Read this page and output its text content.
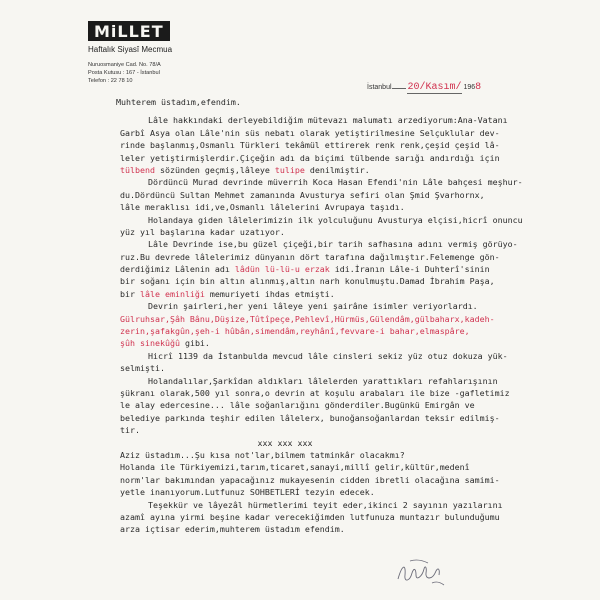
MiLLET
Haftalık Siyasî Mecmua
Nuruosmaniye Cad. No. 78/A
Posta Kutusu : 167 - İstanbul
Telefon : 22 78 10
İstanbul 20/Kasım/ 1968
Muhterem üstadım,efendim.
Lâle hakkındaki derleyebildiğim mütevazı malumatı arzediyorum:Ana-Vatanı
Garbî Asya olan Lâle'nin süs nebatı olarak yetiştirilmesine Selçuklular dev-
rinde başlanmış,Osmanlı Türkleri tekâmül ettirerek renk renk,çeşid çeşid lâ-
leler yetiştirmişlerdir.Çiçeğin adı da biçimi tülbende sarığı andırdığı için
tülbend sözünden geçmiş,lâleye tulipe denilmiştir.
Dördüncü Murad devrinde müverrih Koca Hasan Efendi'nin Lâle bahçesi meşhur-
du.Dördüncü Sultan Mehmet zamanında Avusturya sefiri olan Şmid Şvarhornx,
lâle meraklısı idi,ve,Osmanlı lâlelerini Avrupaya taşıdı.
Holandaya giden lâlelerimizin ilk yolculuğunu Avusturya elçisi,hicrî onuncu
yüz yıl başlarına kadar uzatıyor.
Lâle Devrinde ise,bu güzel çiçeği,bir tarih safhasına adını vermiş görüyo-
ruz.Bu devrede lâlelerimiz dünyanın dört tarafına dağılmıştır.Felemenge gön-
derdiğimiz Lâlenin adı lâdün lü-lü-u erzak idi.İranın Lâle-i Duhterî'sinin
bir soğanı için bin altın alınmış,altın narh konulmuştu.Damad İbrahim Paşa,
bir lâle eminliği memuriyeti ihdas etmişti.
Devrin şairleri,her yeni lâleye yeni şairâne isimler veriyorlardı.
Gülruhsar,Şâh Bânu,Düşize,Tûtîpeçe,Pehlevî,Hürmüs,Gülendâm,gülbaharx,kadeh-
zerin,şafakgûn,şeh-i hûbân,simendâm,reyhânî,fevvare-i bahar,elmaspâre,
şûh sinekûğû gibi.
Hicrî 1139 da İstanbulda mevcud lâle cinsleri sekiz yüz otuz dokuza yük-
selmişti.
Holandalılar,Şarkîdan aldıkları lâlelerden yarattıkları refahlarışının
şükranı olarak,500 yıl sonra,o devrin at koşulu arabaları ile bize -gafletimiz
le alay edercesine... lâle soğanlarığını gönderdiler.Bugünkü Emirgân ve
belediye parkında teşhir edilen lâlelerx, bunoğansoğanlardan teksir edilmiş-
tir.
xxx xxx xxx
Aziz üstadım...Şu kısa not'lar,bilmem tatminkâr olacakmı?
Holanda ile Türkiyemizi,tarım,ticaret,sanayi,millî gelir,kültür,medenî
norm'lar bakımından yapacağınız mukayesenin cidden ibretli olacağına samimi-
yetle inanıyorum.Lutfunuz SOHBETLERİ tezyin edecek.
Teşekkür ve lâyezâl hürmetlerimi teyit eder,ikinci 2 sayının yazılarını
azamî ayına yirmi beşine kadar verecekiğimden lutfunuza muntazır bulunduğumu
arza içtisar ederim,muhterem üstadım efendim.
